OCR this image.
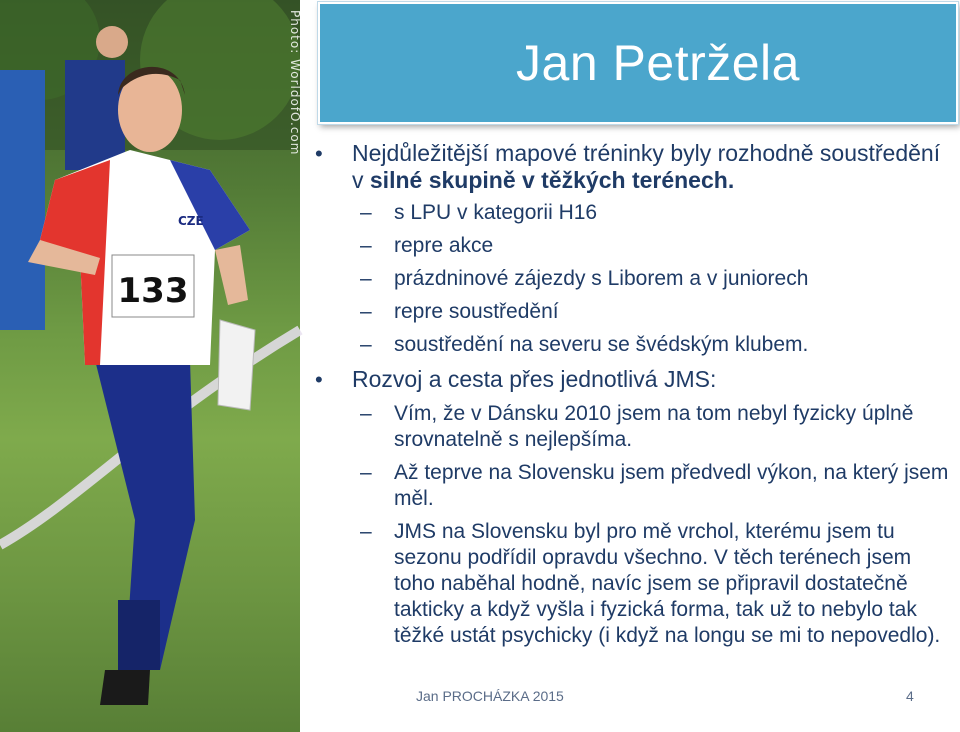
133
CZE
Photo: WorldofO.com	Jan Petržela
• Nejdůležitější mapové tréninky byly rozhodně soustředění v silné skupině v těžkých terénech.
– s LPU v kategorii H16
– repre akce
– prázdninové zájezdy s Liborem a v juniorech
– repre soustředění
– soustředění na severu se švédským klubem.
• Rozvoj a cesta přes jednotlivá JMS:
– Vím, že v Dánsku 2010 jsem na tom nebyl fyzicky úplně srovnatelně s nejlepšíma.
– Až teprve na Slovensku jsem předvedl výkon, na který jsem měl.
– JMS na Slovensku byl pro mě vrchol, kterému jsem tu sezonu podřídil opravdu všechno. V těch terénech jsem toho naběhal hodně, navíc jsem se připravil dostatečně takticky a když vyšla i fyzická forma, tak už to nebylo tak těžké ustát psychicky (i když na longu se mi to nepovedlo).
Jan PROCHÁZKA 2015	4
